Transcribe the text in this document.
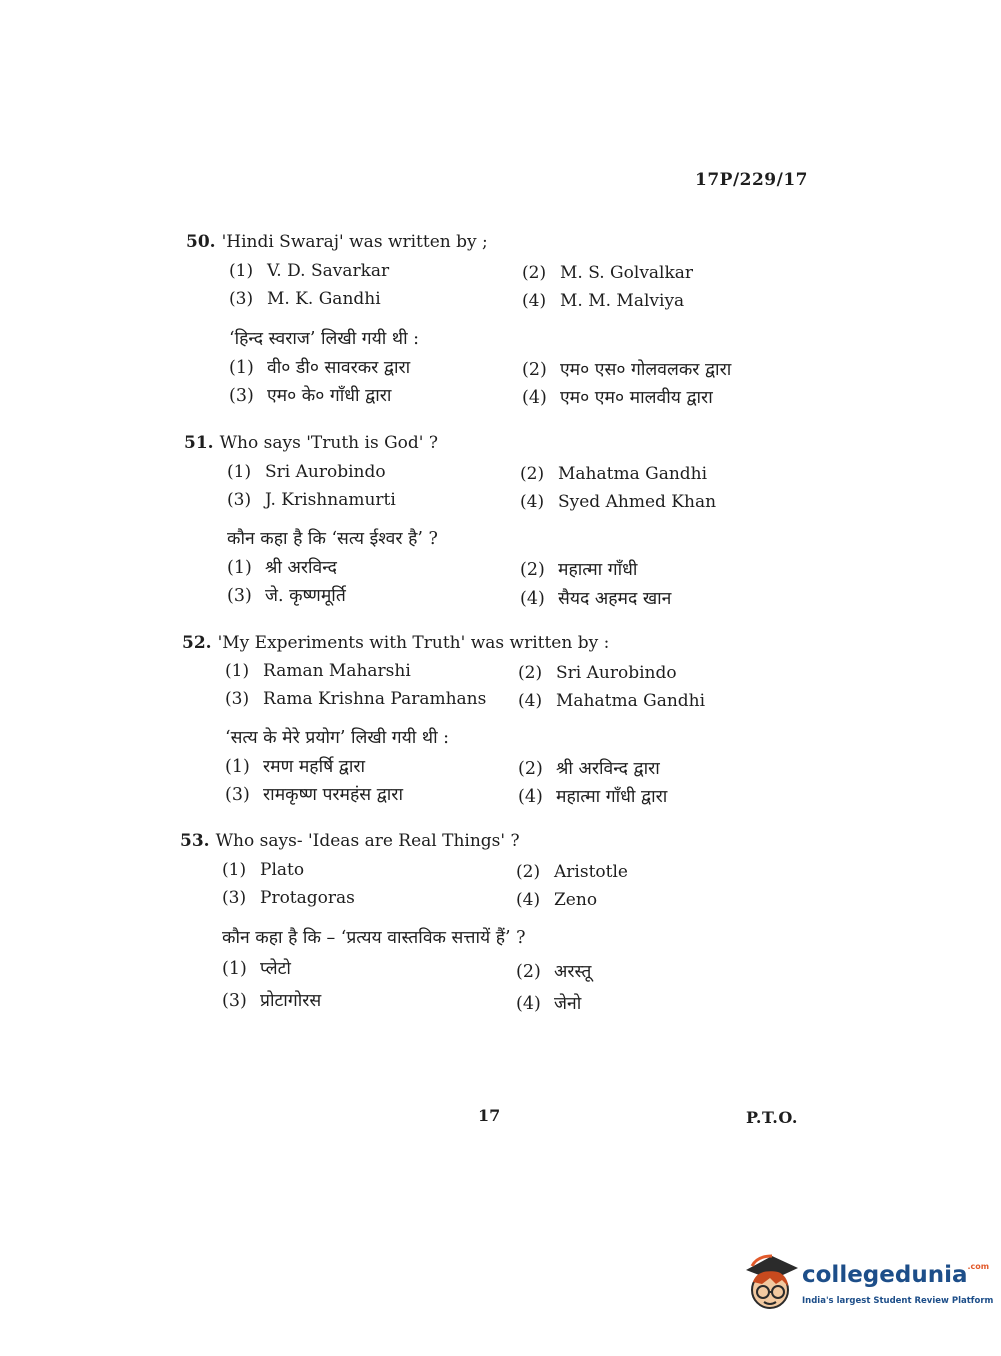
17P/229/17
50. 'Hindi Swaraj' was written by ;
(1) V. D. Savarkar	(2) M. S. Golvalkar
(3) M. K. Gandhi	(4) M. M. Malviya
‘हिन्द स्वराज’ लिखी गयी थी :
(1) वी० डी० सावरकर द्वारा	(2) एम० एस० गोलवलकर द्वारा
(3) एम० के० गाँधी द्वारा	(4) एम० एम० मालवीय द्वारा
51. Who says 'Truth is God' ?
(1) Sri Aurobindo	(2) Mahatma Gandhi
(3) J. Krishnamurti	(4) Syed Ahmed Khan
कौन कहा है कि ‘सत्य ईश्वर है’ ?
(1) श्री अरविन्द	(2) महात्मा गाँधी
(3) जे. कृष्णमूर्ति	(4) सैयद अहमद खान
52. 'My Experiments with Truth' was written by :
(1) Raman Maharshi	(2) Sri Aurobindo
(3) Rama Krishna Paramhans (4) Mahatma Gandhi
‘सत्य के मेरे प्रयोग’ लिखी गयी थी :
(1) रमण महर्षि द्वारा	(2) श्री अरविन्द द्वारा
(3) रामकृष्ण परमहंस द्वारा	(4) महात्मा गाँधी द्वारा
53. Who says- 'Ideas are Real Things' ?
(1) Plato	(2) Aristotle
(3) Protagoras	(4) Zeno
कौन कहा है कि – ‘प्रत्यय वास्तविक सत्तायें हैं’ ?
(1) प्लेटो	(2) अरस्तू
(3) प्रोटागोरस	(4) जेनो
17	P.T.O.
collegedunia$^{.com}$
India's largest Student Review Platform
